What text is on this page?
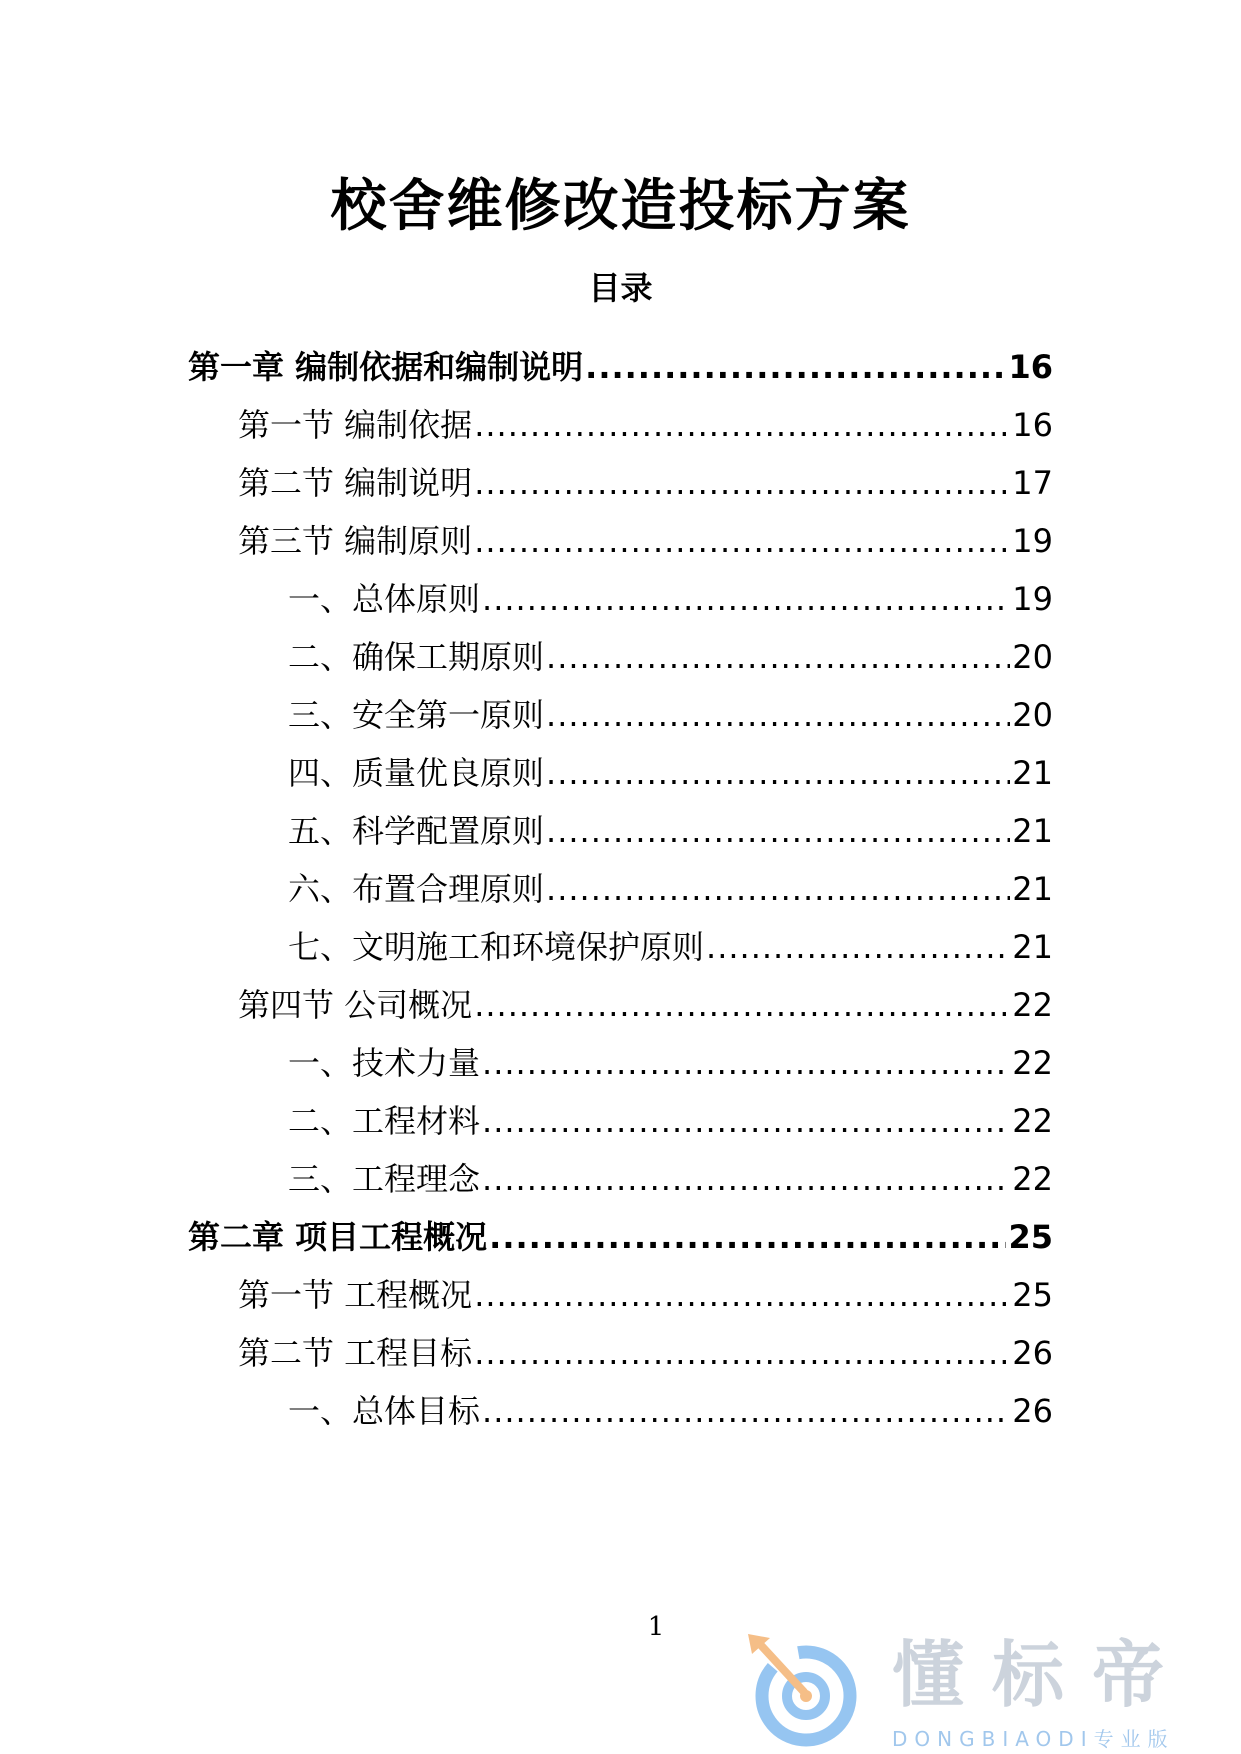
校舍维修改造投标方案
目录
第一章 编制依据和编制说明 .....	16
第一节 编制依据 .....	16
第二节 编制说明 .....	17
第三节 编制原则 .....	19
一、总体原则 .....	19
二、确保工期原则 .....	20
三、安全第一原则 .....	20
四、质量优良原则 .....	21
五、科学配置原则 .....	21
六、布置合理原则 .....	21
七、文明施工和环境保护原则 .....	21
第四节 公司概况 .....	22
一、技术力量 .....	22
二、工程材料 .....	22
三、工程理念 .....	22
第二章 项目工程概况 .....	25
第一节 工程概况 .....	25
第二节 工程目标 .....	26
一、总体目标 .....	26
1
懂标帝
DONGBIAODI专业版
